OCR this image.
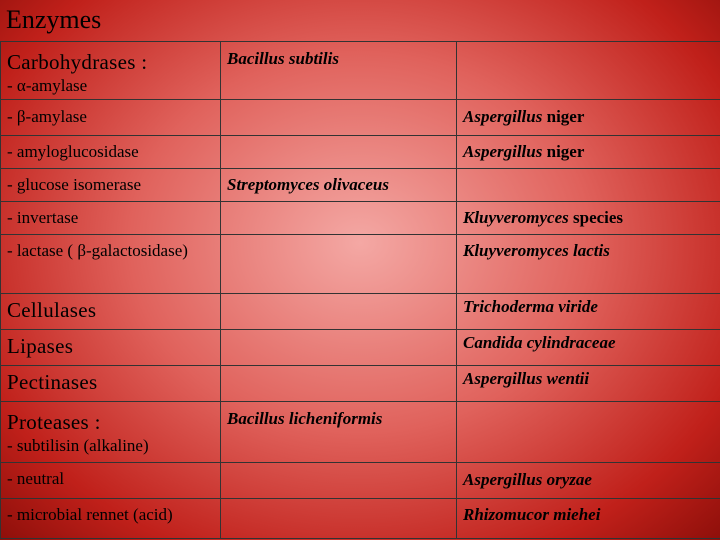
Enzymes
Carbohydrases :
- α-amylase	Bacillus subtilis	

- β-amylase		Aspergillus niger

- amyloglucosidase		Aspergillus niger

- glucose isomerase	Streptomyces olivaceus	

- invertase		Kluyveromyces species

- lactase ( β-galactosidase)		Kluyveromyces lactis

Cellulases		Trichoderma viride

Lipases		Candida cylindraceae

Pectinases		Aspergillus wentii

Proteases :
- subtilisin (alkaline)	Bacillus licheniformis	

- neutral		Aspergillus oryzae

- microbial rennet (acid)		Rhizomucor miehei
